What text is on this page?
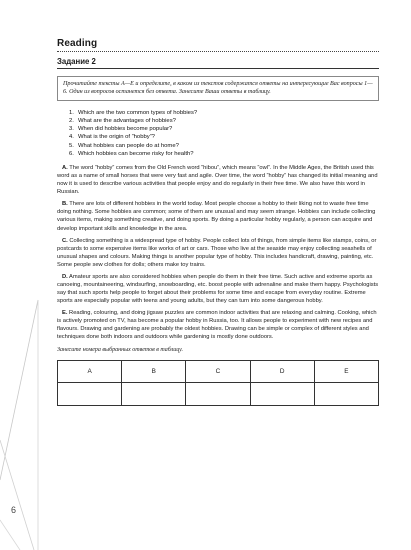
Reading
Задание 2
Прочитайте тексты A—E и определите, в каком из текстов содержатся ответы на интересующие Вас вопросы 1—6. Один из вопросов останется без ответа. Занесите Ваши ответы в таблицу.
1. Which are the two common types of hobbies?
2. What are the advantages of hobbies?
3. When did hobbies become popular?
4. What is the origin of “hobby”?
5. What hobbies can people do at home?
6. Which hobbies can become risky for health?

A. The word “hobby” comes from the Old French word “hibou”, which means “owl”. In the Middle Ages, the British used this word as a name of small horses that were very fast and agile. Over time, the word “hobby” has changed its initial meaning and now it is used to describe various activities that people enjoy and do regularly in their free time. We also have this word in Russian.

B. There are lots of different hobbies in the world today. Most people choose a hobby to their liking not to waste free time doing nothing. Some hobbies are common; some of them are unusual and may seem strange. Hobbies can include collecting various items, making something creative, and doing sports. By doing a particular hobby regularly, a person can acquire and develop important skills and knowledge in the area.

C. Collecting something is a widespread type of hobby. People collect lots of things, from simple items like stamps, coins, or postcards to some expensive items like works of art or cars. Those who live at the seaside may enjoy collecting seashells of unusual shapes and colours. Making things is another popular type of hobby. This includes handicraft, drawing, painting, etc. Some people sew clothes for dolls; others make toy trains.

D. Amateur sports are also considered hobbies when people do them in their free time. Such active and extreme sports as canoeing, mountaineering, windsurfing, snowboarding, etc. boost people with adrenaline and make them happy. Psychologists say that such sports help people to forget about their problems for some time and escape from everyday routine. Extreme sports are especially popular with teens and young adults, but they can turn into some dangerous hobby.

E. Reading, colouring, and doing jigsaw puzzles are common indoor activities that are relaxing and calming. Cooking, which is actively promoted on TV, has become a popular hobby in Russia, too. It allows people to experiment with new recipes and flavours. Drawing and gardening are probably the oldest hobbies. Drawing can be simple or complex of different styles and techniques done both indoors and outdoors while gardening is mostly done outdoors.

Занесите номера выбранных ответов в таблицу.
A	B	C	D	E

6
